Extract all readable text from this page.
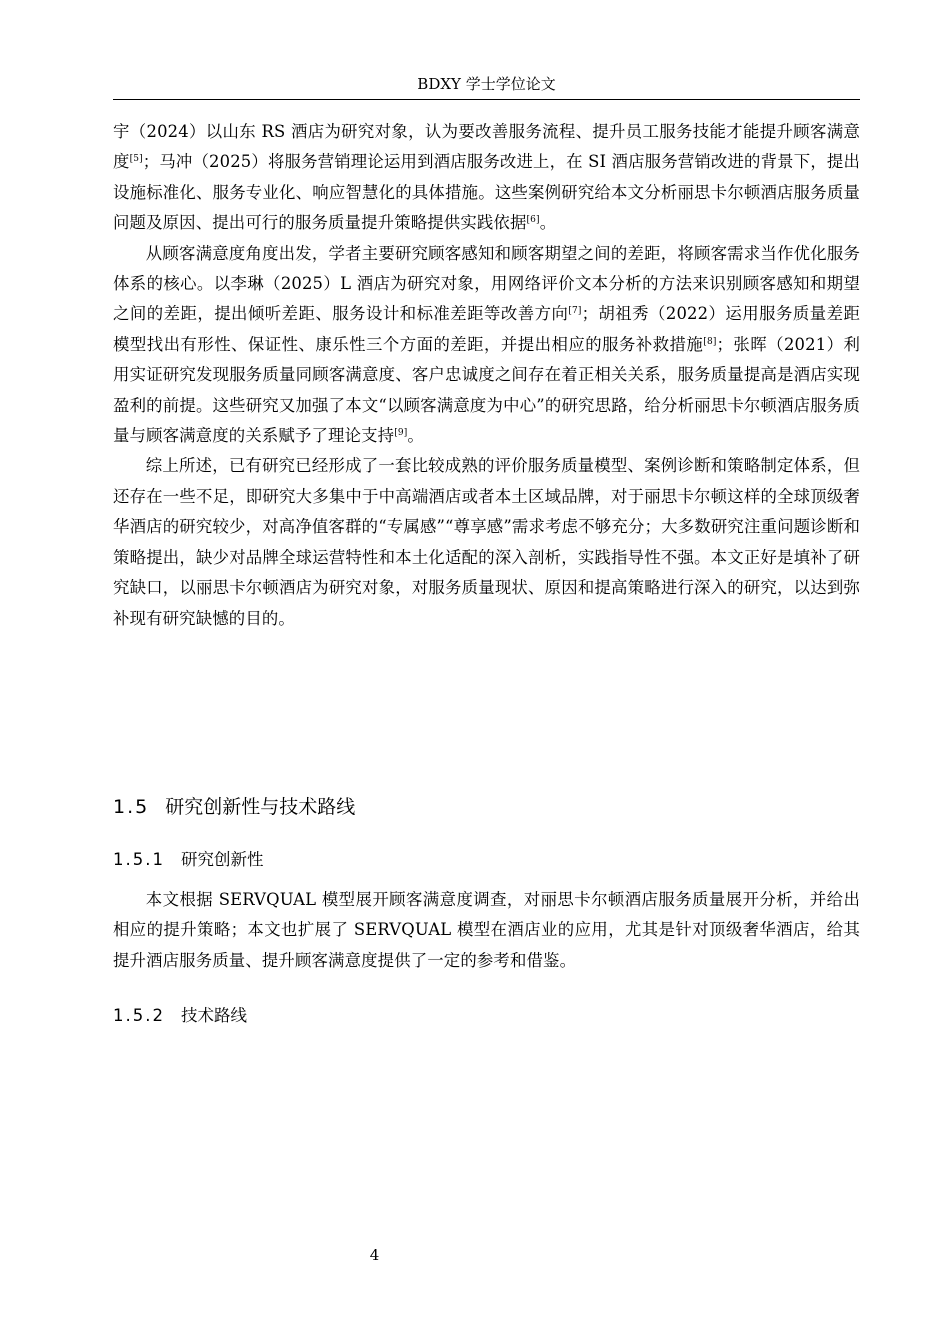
BDXY 学士学位论文

宇（2024）以山东 RS 酒店为研究对象，认为要改善服务流程、提升员工服务技能才能提升顾客满意度[5]；马冲（2025）将服务营销理论运用到酒店服务改进上，在 SI 酒店服务营销改进的背景下，提出设施标准化、服务专业化、响应智慧化的具体措施。这些案例研究给本文分析丽思卡尔顿酒店服务质量问题及原因、提出可行的服务质量提升策略提供实践依据[6]。

从顾客满意度角度出发，学者主要研究顾客感知和顾客期望之间的差距，将顾客需求当作优化服务体系的核心。以李琳（2025）L 酒店为研究对象，用网络评价文本分析的方法来识别顾客感知和期望之间的差距，提出倾听差距、服务设计和标准差距等改善方向[7]；胡祖秀（2022）运用服务质量差距模型找出有形性、保证性、康乐性三个方面的差距，并提出相应的服务补救措施[8]；张晖（2021）利用实证研究发现服务质量同顾客满意度、客户忠诚度之间存在着正相关关系，服务质量提高是酒店实现盈利的前提。这些研究又加强了本文“以顾客满意度为中心”的研究思路，给分析丽思卡尔顿酒店服务质量与顾客满意度的关系赋予了理论支持[9]。

综上所述，已有研究已经形成了一套比较成熟的评价服务质量模型、案例诊断和策略制定体系，但还存在一些不足，即研究大多集中于中高端酒店或者本土区域品牌，对于丽思卡尔顿这样的全球顶级奢华酒店的研究较少，对高净值客群的“专属感”“尊享感”需求考虑不够充分；大多数研究注重问题诊断和策略提出，缺少对品牌全球运营特性和本土化适配的深入剖析，实践指导性不强。本文正好是填补了研究缺口，以丽思卡尔顿酒店为研究对象，对服务质量现状、原因和提高策略进行深入的研究，以达到弥补现有研究缺憾的目的。

1.5 研究创新性与技术路线
1.5.1 研究创新性

本文根据 SERVQUAL 模型展开顾客满意度调查，对丽思卡尔顿酒店服务质量展开分析，并给出相应的提升策略；本文也扩展了 SERVQUAL 模型在酒店业的应用，尤其是针对顶级奢华酒店，给其提升酒店服务质量、提升顾客满意度提供了一定的参考和借鉴。

1.5.2 技术路线
4
